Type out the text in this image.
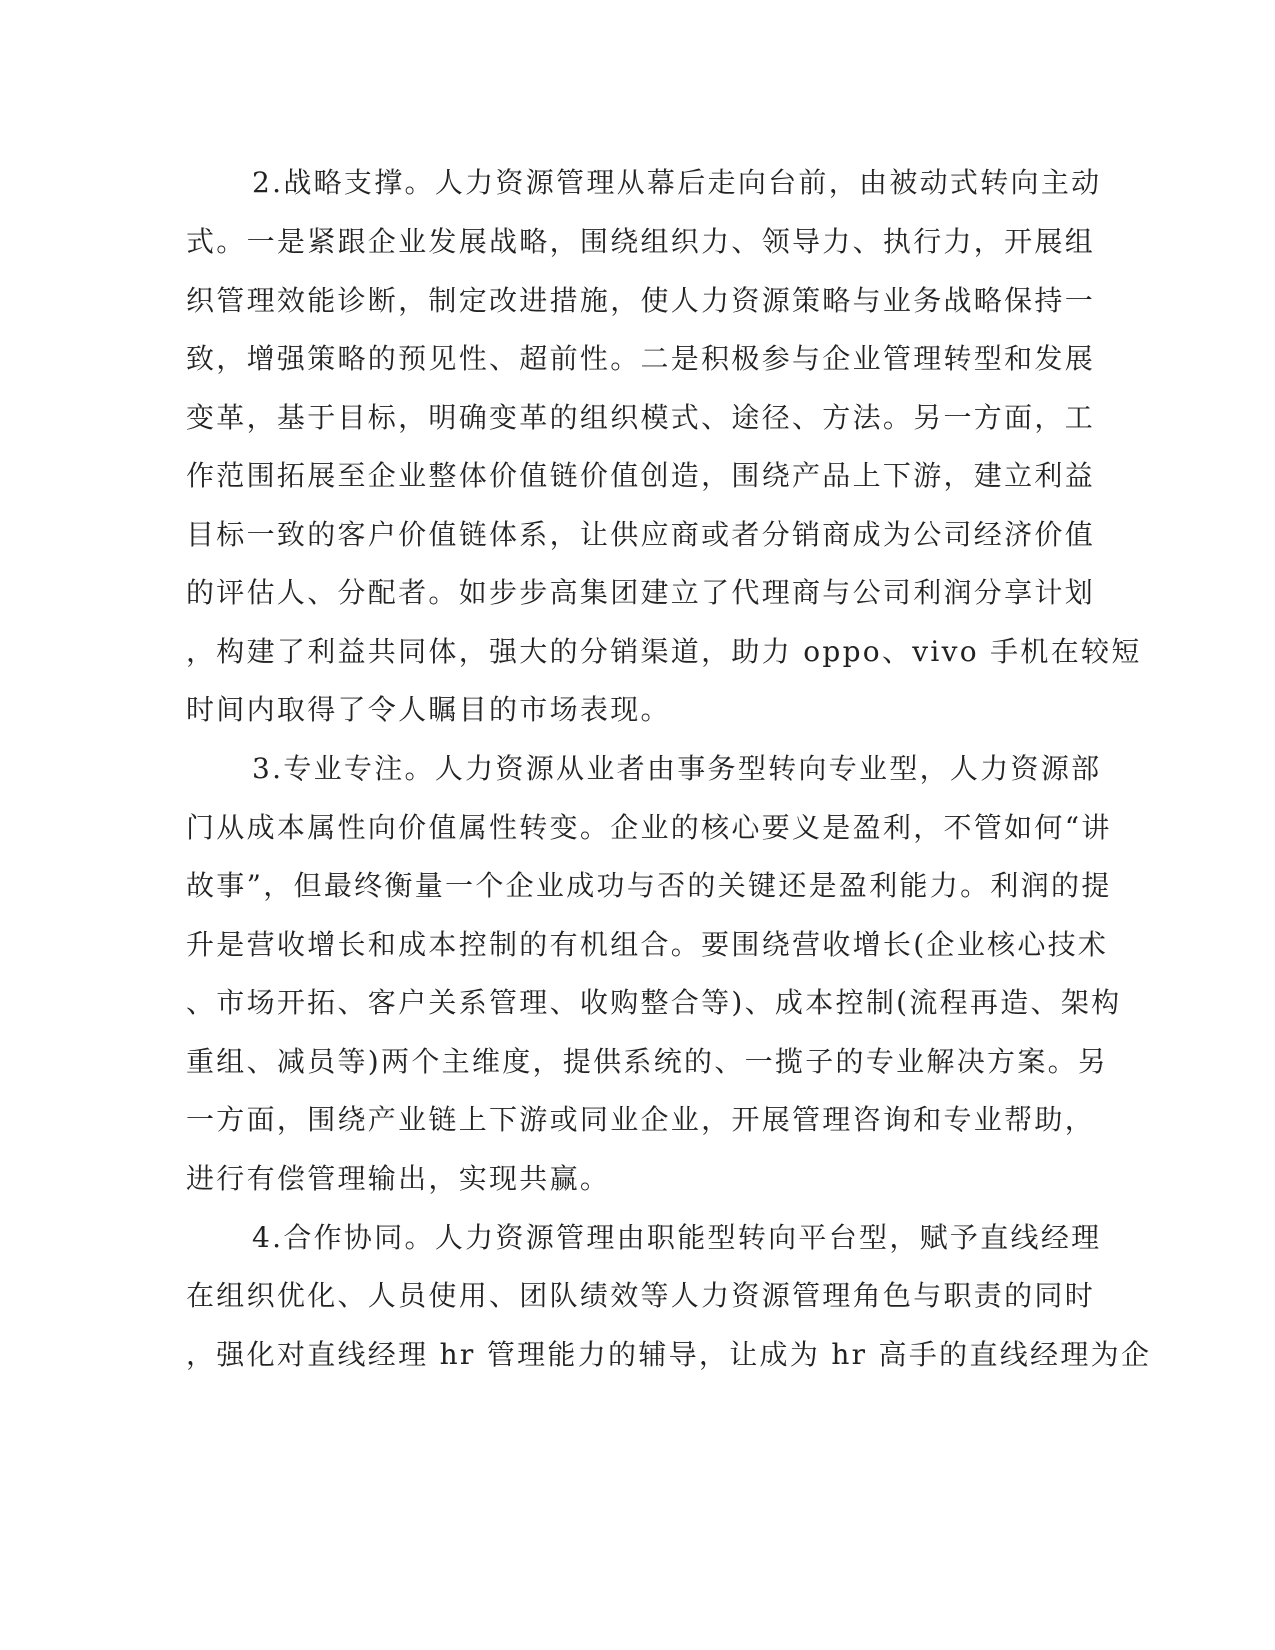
2.战略支撑。人力资源管理从幕后走向台前，由被动式转向主动
式。一是紧跟企业发展战略，围绕组织力、领导力、执行力，开展组
织管理效能诊断，制定改进措施，使人力资源策略与业务战略保持一
致，增强策略的预见性、超前性。二是积极参与企业管理转型和发展
变革，基于目标，明确变革的组织模式、途径、方法。另一方面，工
作范围拓展至企业整体价值链价值创造，围绕产品上下游，建立利益
目标一致的客户价值链体系，让供应商或者分销商成为公司经济价值
的评估人、分配者。如步步高集团建立了代理商与公司利润分享计划
，构建了利益共同体，强大的分销渠道，助力 oppo、vivo 手机在较短
时间内取得了令人瞩目的市场表现。
3.专业专注。人力资源从业者由事务型转向专业型，人力资源部
门从成本属性向价值属性转变。企业的核心要义是盈利，不管如何“讲
故事”，但最终衡量一个企业成功与否的关键还是盈利能力。利润的提
升是营收增长和成本控制的有机组合。要围绕营收增长(企业核心技术
、市场开拓、客户关系管理、收购整合等)、成本控制(流程再造、架构
重组、减员等)两个主维度，提供系统的、一揽子的专业解决方案。另
一方面，围绕产业链上下游或同业企业，开展管理咨询和专业帮助，
进行有偿管理输出，实现共赢。
4.合作协同。人力资源管理由职能型转向平台型，赋予直线经理
在组织优化、人员使用、团队绩效等人力资源管理角色与职责的同时
，强化对直线经理 hr 管理能力的辅导，让成为 hr 高手的直线经理为企
